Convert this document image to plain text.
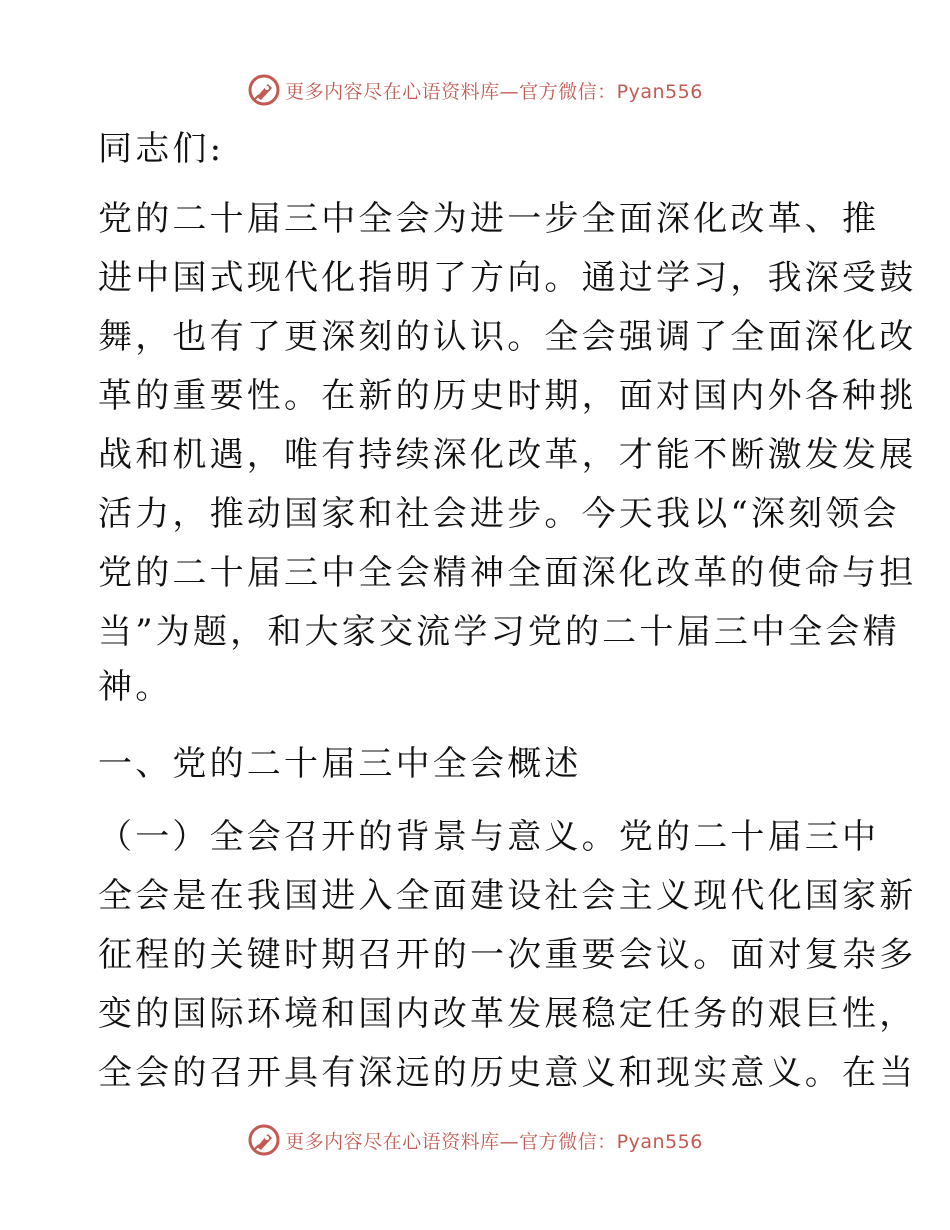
更多内容尽在心语资料库—官方微信：Pyan556
同志们:
党的二十届三中全会为进一步全面深化改革、推
进中国式现代化指明了方向。通过学习，我深受鼓
舞，也有了更深刻的认识。全会强调了全面深化改
革的重要性。在新的历史时期，面对国内外各种挑
战和机遇，唯有持续深化改革，才能不断激发发展
活力，推动国家和社会进步。今天我以“深刻领会
党的二十届三中全会精神全面深化改革的使命与担
当”为题，和大家交流学习党的二十届三中全会精
神。
一、党的二十届三中全会概述
（一）全会召开的背景与意义。党的二十届三中
全会是在我国进入全面建设社会主义现代化国家新
征程的关键时期召开的一次重要会议。面对复杂多
变的国际环境和国内改革发展稳定任务的艰巨性，
全会的召开具有深远的历史意义和现实意义。在当
更多内容尽在心语资料库—官方微信：Pyan556
